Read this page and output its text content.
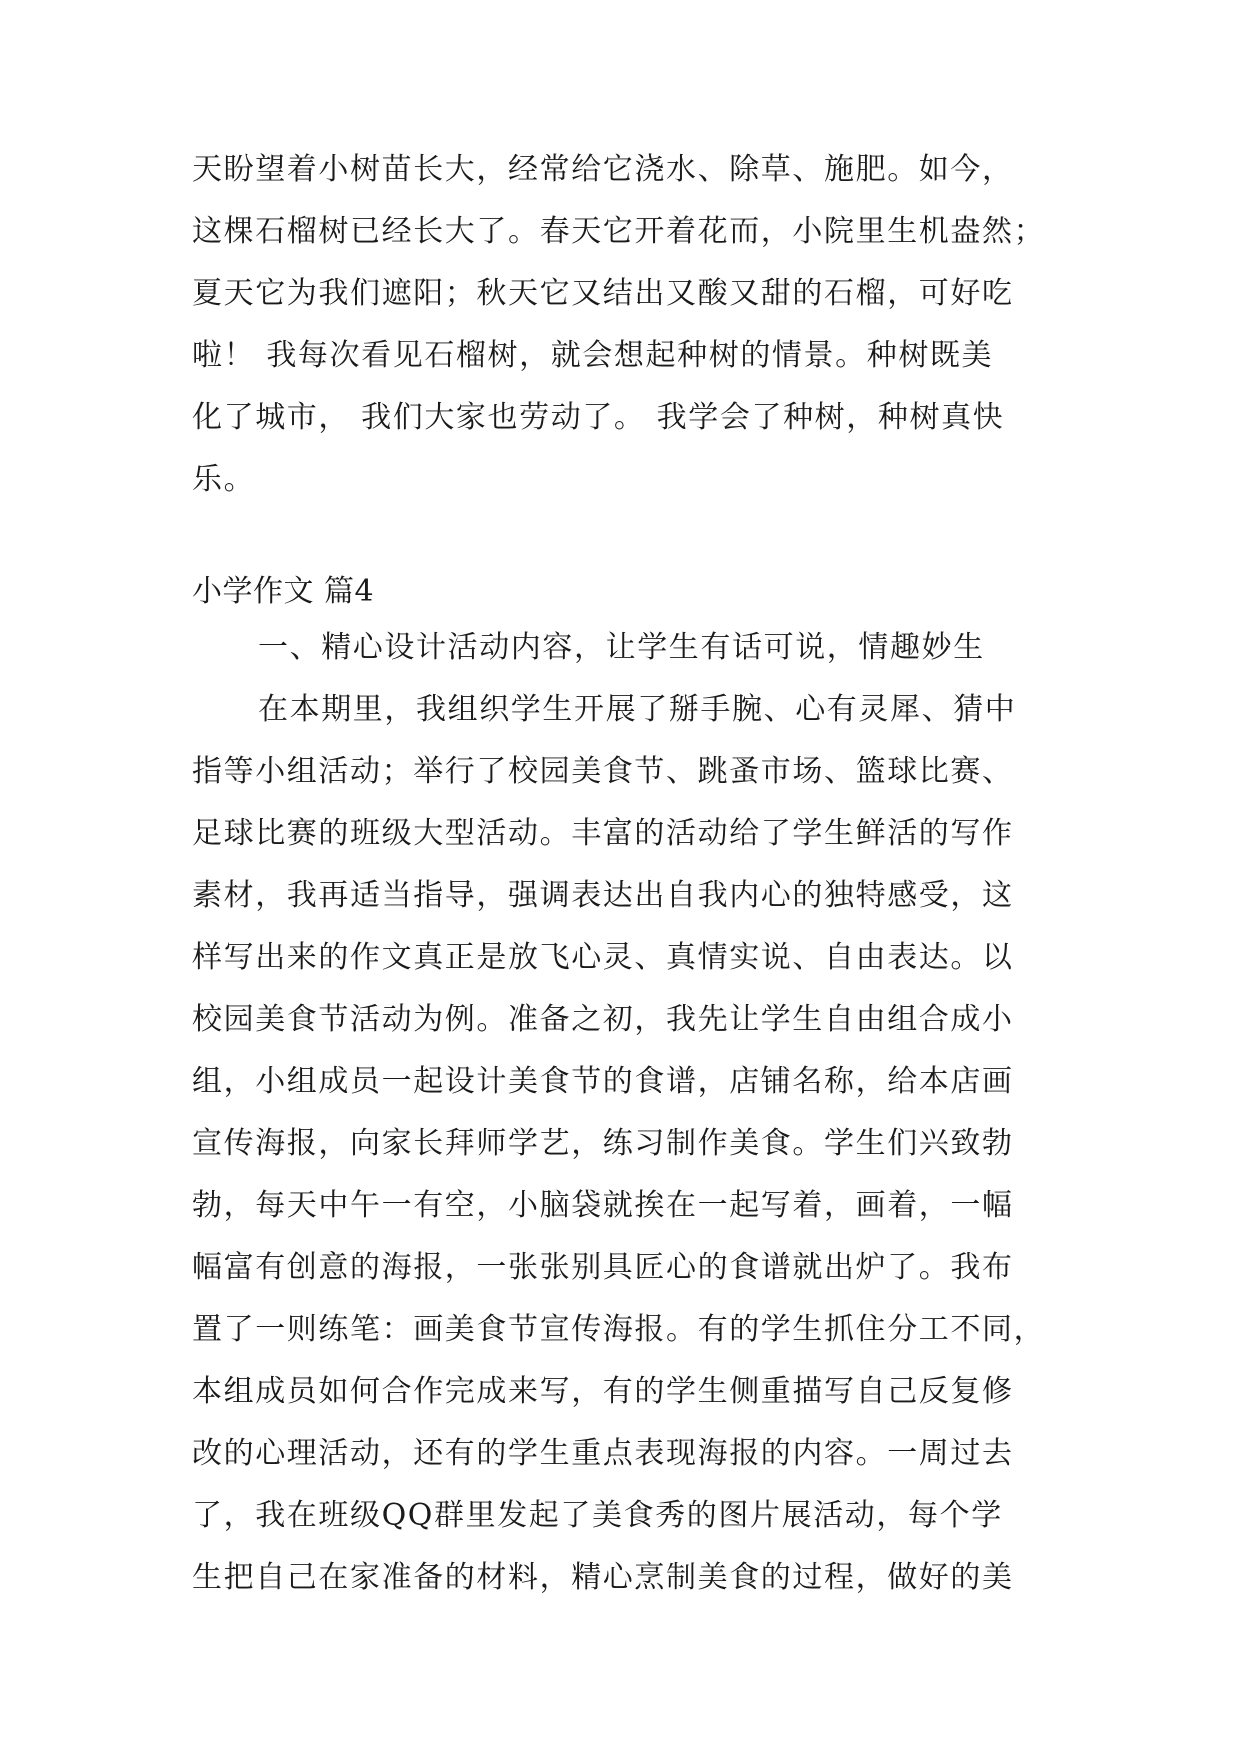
天盼望着小树苗长大，经常给它浇水、除草、施肥。如今，
这棵石榴树已经长大了。春天它开着花而，小院里生机盎然；
夏天它为我们遮阳；秋天它又结出又酸又甜的石榴，可好吃
啦！ 我每次看见石榴树，就会想起种树的情景。种树既美
化了城市， 我们大家也劳动了。 我学会了种树，种树真快
乐。
小学作文 篇4
一、精心设计活动内容，让学生有话可说，情趣妙生
在本期里，我组织学生开展了掰手腕、心有灵犀、猜中
指等小组活动；举行了校园美食节、跳蚤市场、篮球比赛、
足球比赛的班级大型活动。丰富的活动给了学生鲜活的写作
素材，我再适当指导，强调表达出自我内心的独特感受，这
样写出来的作文真正是放飞心灵、真情实说、自由表达。以
校园美食节活动为例。准备之初，我先让学生自由组合成小
组，小组成员一起设计美食节的食谱，店铺名称，给本店画
宣传海报，向家长拜师学艺，练习制作美食。学生们兴致勃
勃，每天中午一有空，小脑袋就挨在一起写着，画着，一幅
幅富有创意的海报，一张张别具匠心的食谱就出炉了。我布
置了一则练笔：画美食节宣传海报。有的学生抓住分工不同，
本组成员如何合作完成来写，有的学生侧重描写自己反复修
改的心理活动，还有的学生重点表现海报的内容。一周过去
了，我在班级QQ群里发起了美食秀的图片展活动，每个学
生把自己在家准备的材料，精心烹制美食的过程，做好的美
